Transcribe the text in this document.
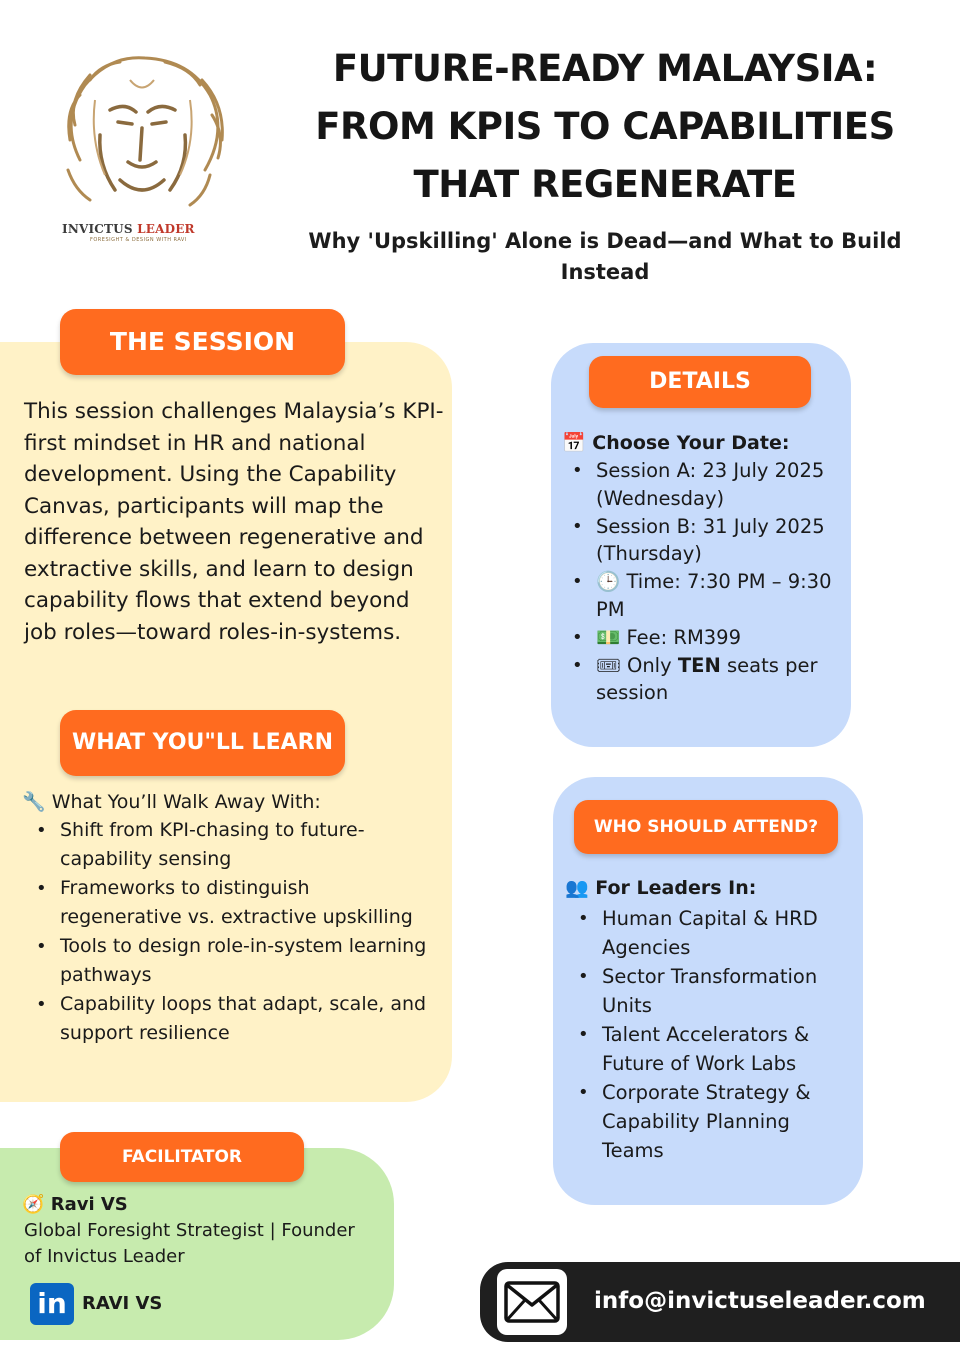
INVICTUS LEADER
FORESIGHT & DESIGN WITH RAVI
FUTURE-READY MALAYSIA:
FROM KPIS TO CAPABILITIES
THAT REGENERATE
Why 'Upskilling' Alone is Dead—and What to Build Instead
THE SESSION
This session challenges Malaysia’s KPI-first mindset in HR and national development. Using the Capability Canvas, participants will map the difference between regenerative and extractive skills, and learn to design capability flows that extend beyond job roles—toward roles-in-systems.
WHAT YOU"LL LEARN
🔧 What You’ll Walk Away With:
• Shift from KPI-chasing to future-capability sensing
• Frameworks to distinguish regenerative vs. extractive upskilling
• Tools to design role-in-system learning pathways
• Capability loops that adapt, scale, and support resilience
DETAILS
📅 Choose Your Date:
• Session A: 23 July 2025 (Wednesday)
• Session B: 31 July 2025 (Thursday)
• 🕒 Time: 7:30 PM – 9:30 PM
• 💵 Fee: RM399
• 🎟 Only TEN seats per session
WHO SHOULD ATTEND?
👥 For Leaders In:
• Human Capital & HRD Agencies
• Sector Transformation Units
• Talent Accelerators & Future of Work Labs
• Corporate Strategy & Capability Planning Teams
FACILITATOR
🧭 Ravi VS
Global Foresight Strategist | Founder of Invictus Leader
in RAVI VS	info@invictuseleader.com
